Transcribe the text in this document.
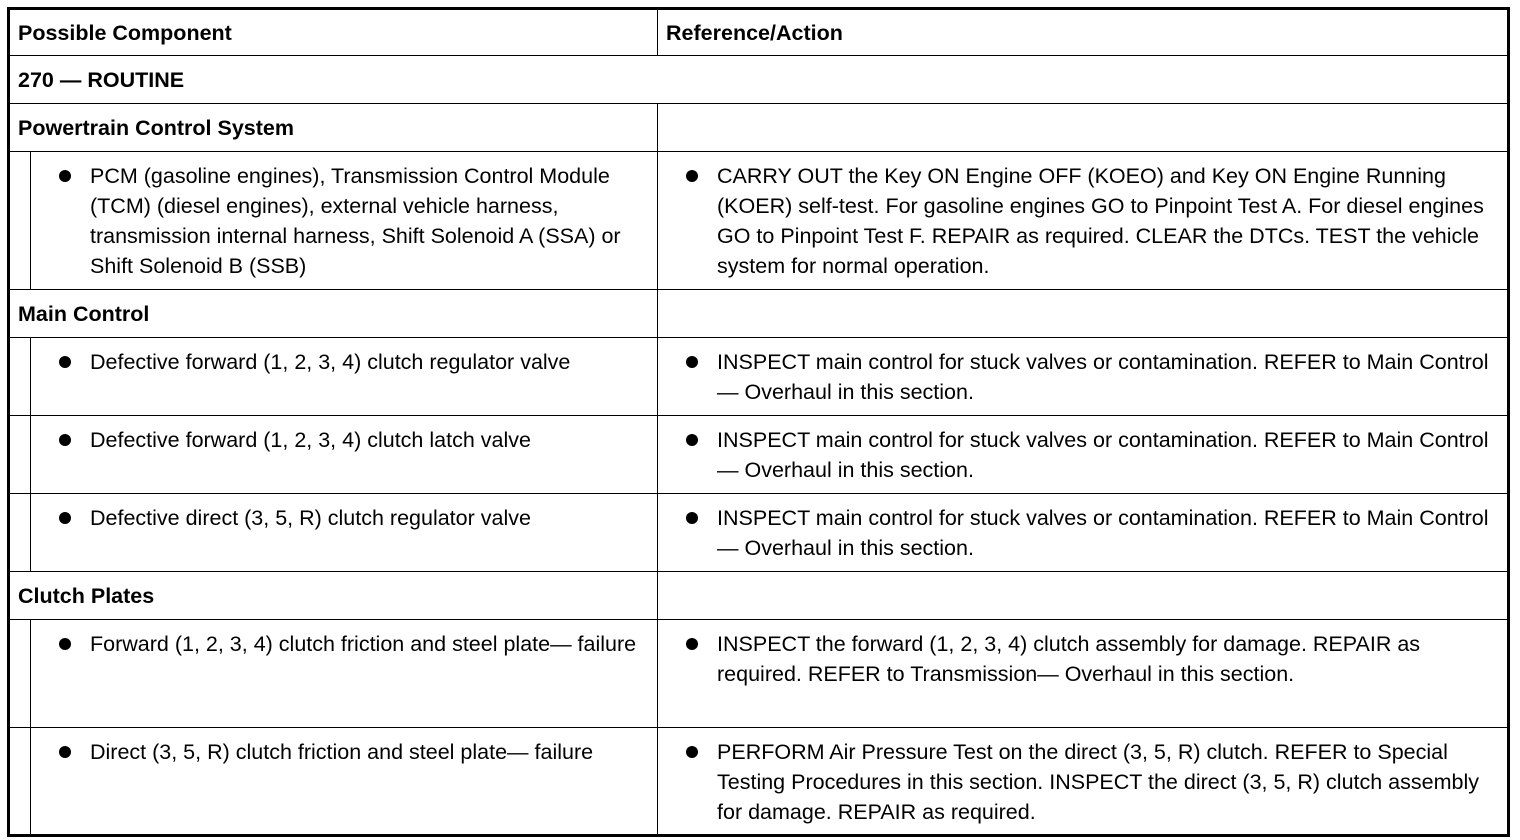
Possible Component		Reference/Action

270 — ROUTINE		
Powertrain Control System		

	PCM (gasoline engines), Transmission Control Module (TCM) (diesel engines), external vehicle harness, transmission internal harness, Shift Solenoid A (SSA) or Shift Solenoid B (SSB)	CARRY OUT the Key ON Engine OFF (KOEO) and Key ON Engine Running (KOER) self-test. For gasoline engines GO to Pinpoint Test A. For diesel engines GO to Pinpoint Test F. REPAIR as required. CLEAR the DTCs. TEST the vehicle system for normal operation.

Main Control		

	Defective forward (1, 2, 3, 4) clutch regulator valve	INSPECT main control for stuck valves or contamination. REFER to Main Control— Overhaul in this section.

	Defective forward (1, 2, 3, 4) clutch latch valve	INSPECT main control for stuck valves or contamination. REFER to Main Control— Overhaul in this section.

	Defective direct (3, 5, R) clutch regulator valve	INSPECT main control for stuck valves or contamination. REFER to Main Control— Overhaul in this section.

Clutch Plates		

	Forward (1, 2, 3, 4) clutch friction and steel plate— failure	INSPECT the forward (1, 2, 3, 4) clutch assembly for damage. REPAIR as required. REFER to Transmission— Overhaul in this section.

	Direct (3, 5, R) clutch friction and steel plate— failure	PERFORM Air Pressure Test on the direct (3, 5, R) clutch. REFER to Special Testing Procedures in this section. INSPECT the direct (3, 5, R) clutch assembly for damage. REPAIR as required.
